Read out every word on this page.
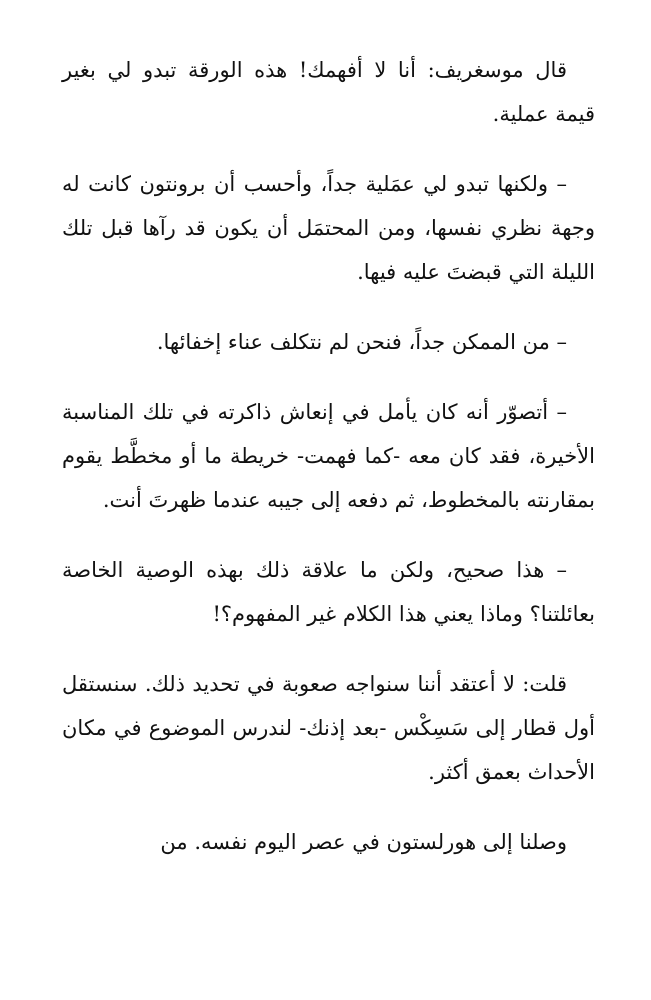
قال موسغريف: أنا لا أفهمك! هذه الورقة تبدو لي بغير قيمة عملية.

– ولكنها تبدو لي عمَلية جداً، وأحسب أن برونتون كانت له وجهة نظري نفسها، ومن المحتمَل أن يكون قد رآها قبل تلك الليلة التي قبضتَ عليه فيها.

– من الممكن جداً، فنحن لم نتكلف عناء إخفائها.

– أتصوّر أنه كان يأمل في إنعاش ذاكرته في تلك المناسبة الأخيرة، فقد كان معه -كما فهمت- خريطة ما أو مخطَّط يقوم بمقارنته بالمخطوط، ثم دفعه إلى جيبه عندما ظهرتَ أنت.

– هذا صحيح، ولكن ما علاقة ذلك بهذه الوصية الخاصة بعائلتنا؟ وماذا يعني هذا الكلام غير المفهوم؟!

قلت: لا أعتقد أننا سنواجه صعوبة في تحديد ذلك. سنستقل أول قطار إلى سَسِكْس -بعد إذنك- لندرس الموضوع في مكان الأحداث بعمق أكثر.

وصلنا إلى هورلستون في عصر اليوم نفسه. من
